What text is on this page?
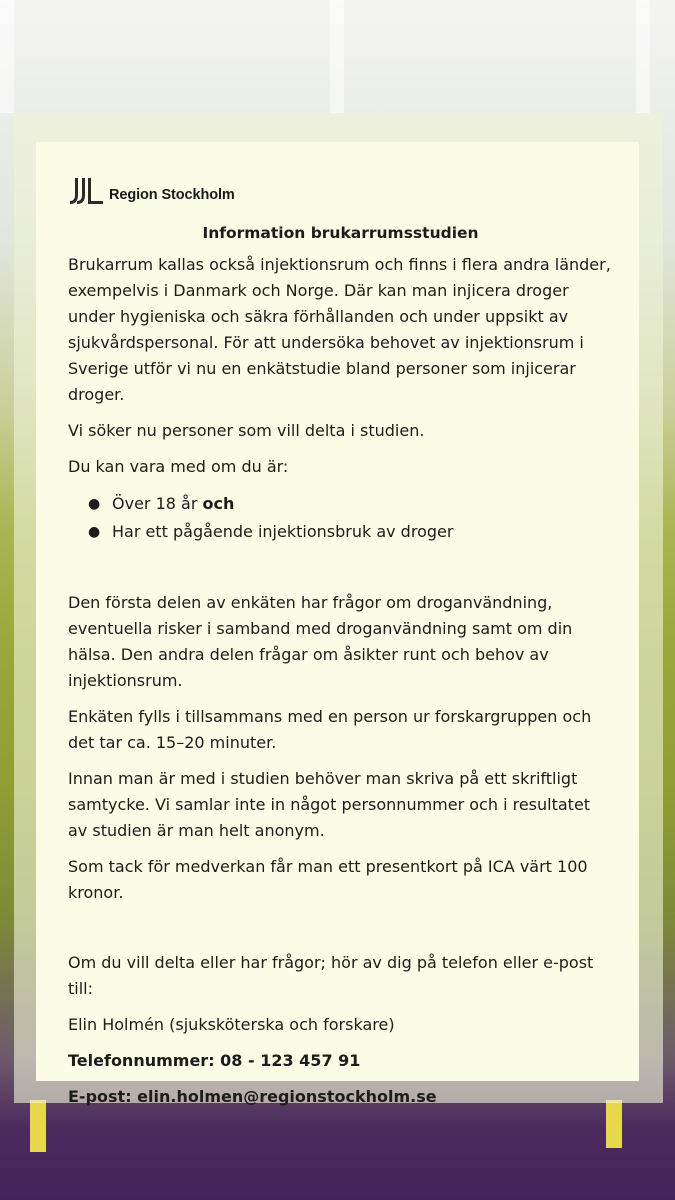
Region Stockholm
Information brukarrumsstudien

Brukarrum kallas också injektionsrum och finns i flera andra länder, exempelvis i Danmark och Norge. Där kan man injicera droger under hygieniska och säkra förhållanden och under uppsikt av sjukvårdspersonal. För att undersöka behovet av injektionsrum i Sverige utför vi nu en enkätstudie bland personer som injicerar droger.

Vi söker nu personer som vill delta i studien.

Du kan vara med om du är:

● Över 18 år och
● Har ett pågående injektionsbruk av droger

Den första delen av enkäten har frågor om droganvändning, eventuella risker i samband med droganvändning samt om din hälsa. Den andra delen frågar om åsikter runt och behov av injektionsrum.

Enkäten fylls i tillsammans med en person ur forskargruppen och det tar ca. 15–20 minuter.

Innan man är med i studien behöver man skriva på ett skriftligt samtycke. Vi samlar inte in något personnummer och i resultatet av studien är man helt anonym.

Som tack för medverkan får man ett presentkort på ICA värt 100 kronor.

Om du vill delta eller har frågor; hör av dig på telefon eller e-post till:

Elin Holmén (sjuksköterska och forskare)

Telefonnummer: 08 - 123 457 91

E-post: elin.holmen@regionstockholm.se
